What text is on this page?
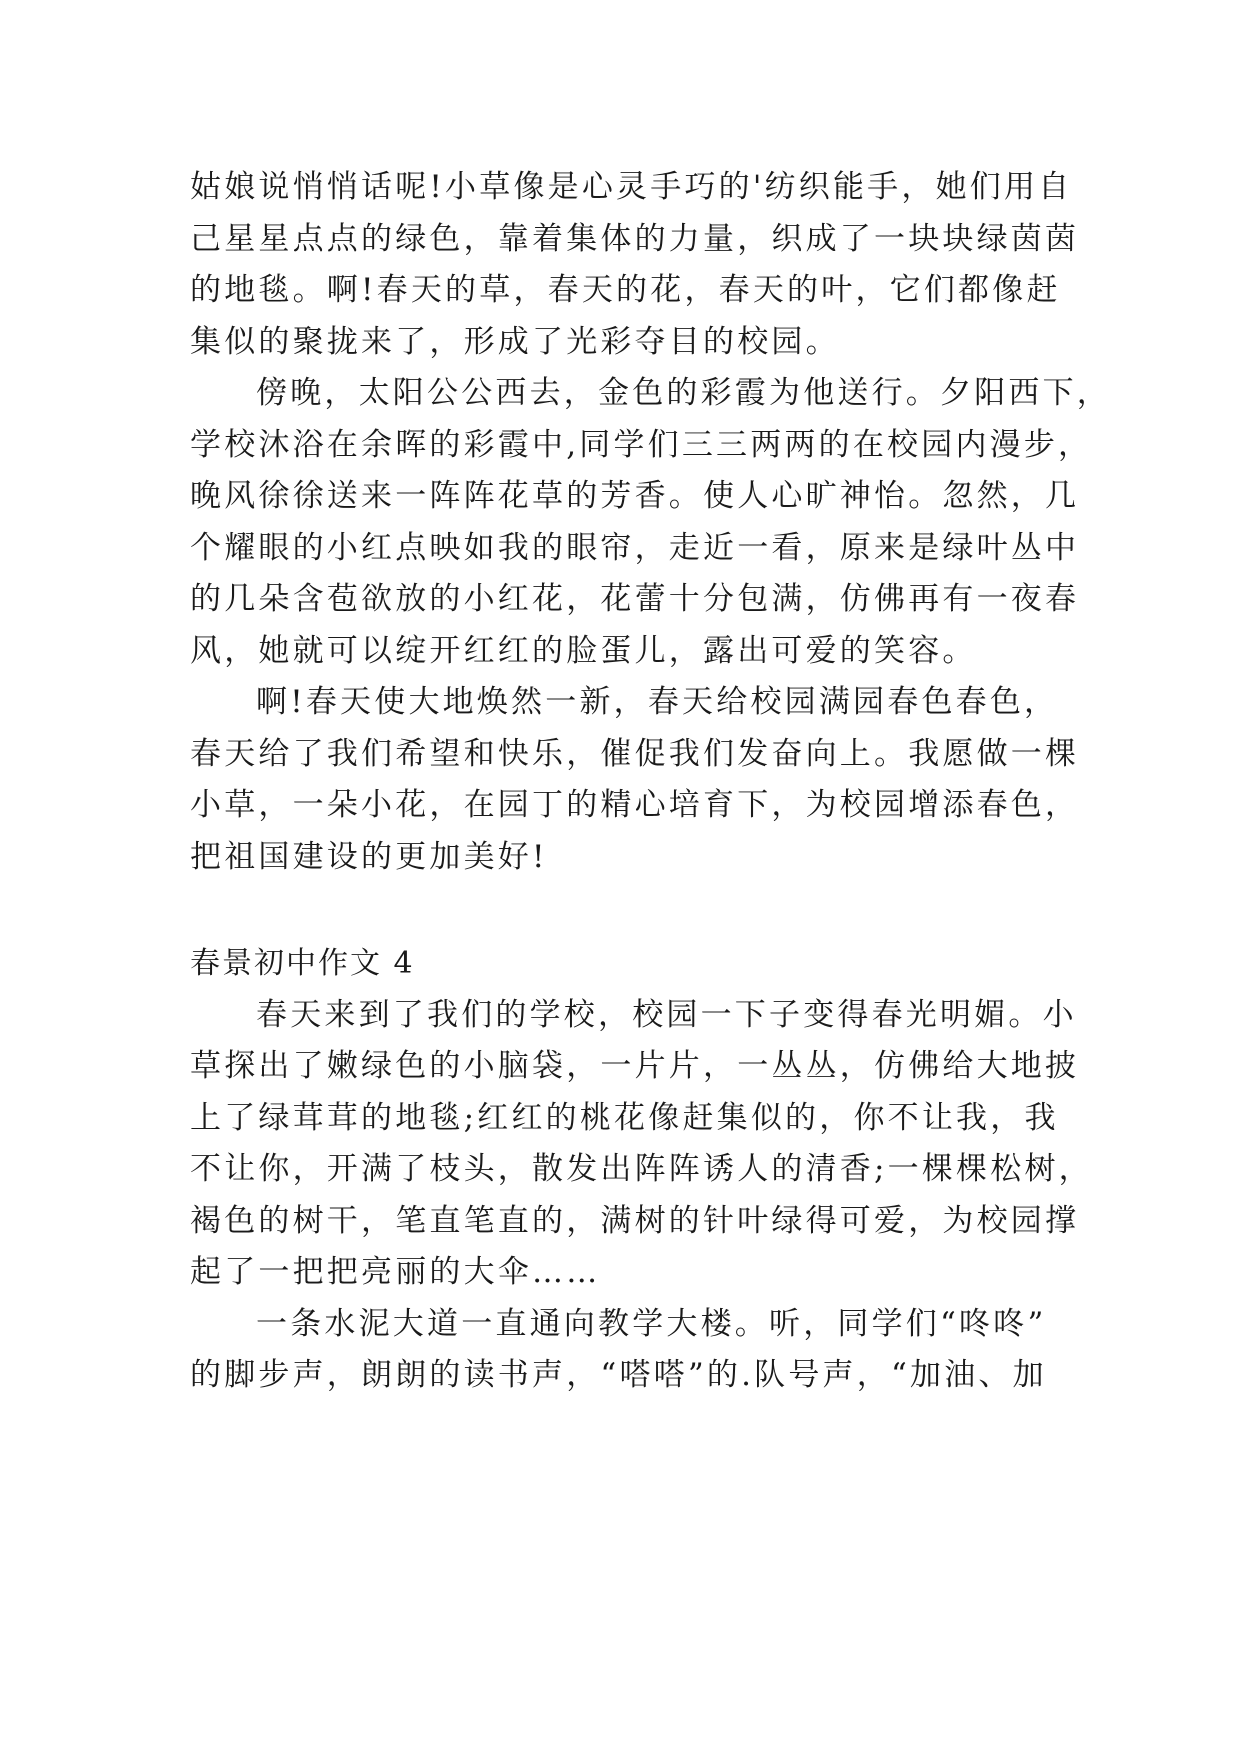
姑娘说悄悄话呢!小草像是心灵手巧的'纺织能手，她们用自
己星星点点的绿色，靠着集体的力量，织成了一块块绿茵茵
的地毯。啊!春天的草，春天的花，春天的叶，它们都像赶
集似的聚拢来了，形成了光彩夺目的校园。
傍晚，太阳公公西去，金色的彩霞为他送行。夕阳西下，
学校沐浴在余晖的彩霞中,同学们三三两两的在校园内漫步，
晚风徐徐送来一阵阵花草的芳香。使人心旷神怡。忽然，几
个耀眼的小红点映如我的眼帘，走近一看，原来是绿叶丛中
的几朵含苞欲放的小红花，花蕾十分包满，仿佛再有一夜春
风，她就可以绽开红红的脸蛋儿，露出可爱的笑容。
啊!春天使大地焕然一新，春天给校园满园春色春色，
春天给了我们希望和快乐，催促我们发奋向上。我愿做一棵
小草，一朵小花，在园丁的精心培育下，为校园增添春色，
把祖国建设的更加美好!
春景初中作文 4
春天来到了我们的学校，校园一下子变得春光明媚。小
草探出了嫩绿色的小脑袋，一片片，一丛丛，仿佛给大地披
上了绿茸茸的地毯;红红的桃花像赶集似的，你不让我，我
不让你，开满了枝头，散发出阵阵诱人的清香;一棵棵松树，
褐色的树干，笔直笔直的，满树的针叶绿得可爱，为校园撑
起了一把把亮丽的大伞……
一条水泥大道一直通向教学大楼。听，同学们“咚咚”
的脚步声，朗朗的读书声，“嗒嗒”的.队号声，“加油、加
